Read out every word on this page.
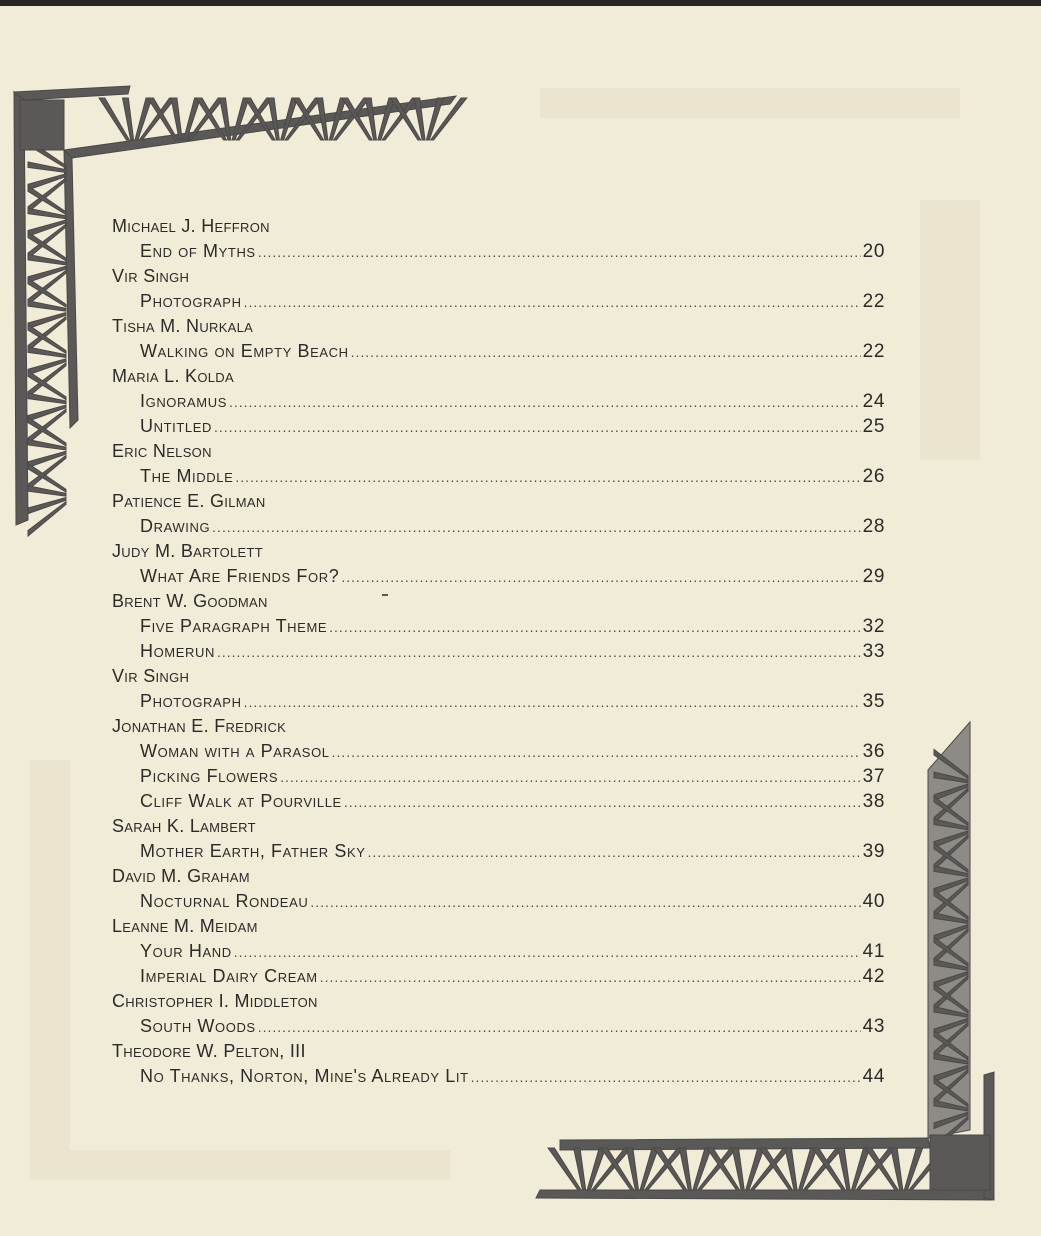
Michael J. Heffron
End of Myths .....	20
Vir Singh
Photograph .....	22
Tisha M. Nurkala
Walking on Empty Beach .....	22
Maria L. Kolda
Ignoramus .....	24
Untitled .....	25
Eric Nelson
The Middle .....	26
Patience E. Gilman
Drawing .....	28
Judy M. Bartolett
What Are Friends For? .....	29
Brent W. Goodman
Five Paragraph Theme .....	32
Homerun .....	33
Vir Singh
Photograph .....	35
Jonathan E. Fredrick
Woman with a Parasol .....	36
Picking Flowers .....	37
Cliff Walk at Pourville .....	38
Sarah K. Lambert
Mother Earth, Father Sky .....	39
David M. Graham
Nocturnal Rondeau .....	40
Leanne M. Meidam
Your Hand .....	41
Imperial Dairy Cream .....	42
Christopher I. Middleton
South Woods .....	43
Theodore W. Pelton, III
No Thanks, Norton, Mine's Already Lit .....	44
